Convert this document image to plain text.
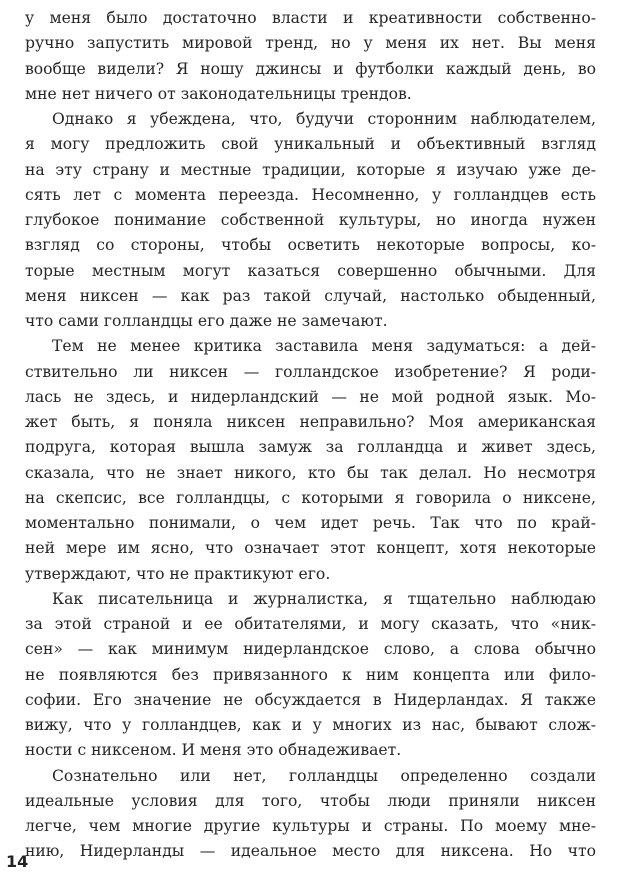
у меня было достаточно власти и креативности собственно-
ручно запустить мировой тренд, но у меня их нет. Вы меня
вообще видели? Я ношу джинсы и футболки каждый день, во
мне нет ничего от законодательницы трендов.
Однако я убеждена, что, будучи сторонним наблюдателем,
я могу предложить свой уникальный и объективный взгляд
на эту страну и местные традиции, которые я изучаю уже де-
сять лет с момента переезда. Несомненно, у голландцев есть
глубокое понимание собственной культуры, но иногда нужен
взгляд со стороны, чтобы осветить некоторые вопросы, ко-
торые местным могут казаться совершенно обычными. Для
меня никсен — как раз такой случай, настолько обыденный,
что сами голландцы его даже не замечают.
Тем не менее критика заставила меня задуматься: а дей-
ствительно ли никсен — голландское изобретение? Я роди-
лась не здесь, и нидерландский — не мой родной язык. Мо-
жет быть, я поняла никсен неправильно? Моя американская
подруга, которая вышла замуж за голландца и живет здесь,
сказала, что не знает никого, кто бы так делал. Но несмотря
на скепсис, все голландцы, с которыми я говорила о никсене,
моментально понимали, о чем идет речь. Так что по край-
ней мере им ясно, что означает этот концепт, хотя некоторые
утверждают, что не практикуют его.
Как писательница и журналистка, я тщательно наблюдаю
за этой страной и ее обитателями, и могу сказать, что «ник-
сен» — как минимум нидерландское слово, а слова обычно
не появляются без привязанного к ним концепта или фило-
софии. Его значение не обсуждается в Нидерландах. Я также
вижу, что у голландцев, как и у многих из нас, бывают слож-
ности с никсеном. И меня это обнадеживает.
Сознательно или нет, голландцы определенно создали
идеальные условия для того, чтобы люди приняли никсен
легче, чем многие другие культуры и страны. По моему мне-
нию, Нидерланды — идеальное место для никсена. Но что
14
